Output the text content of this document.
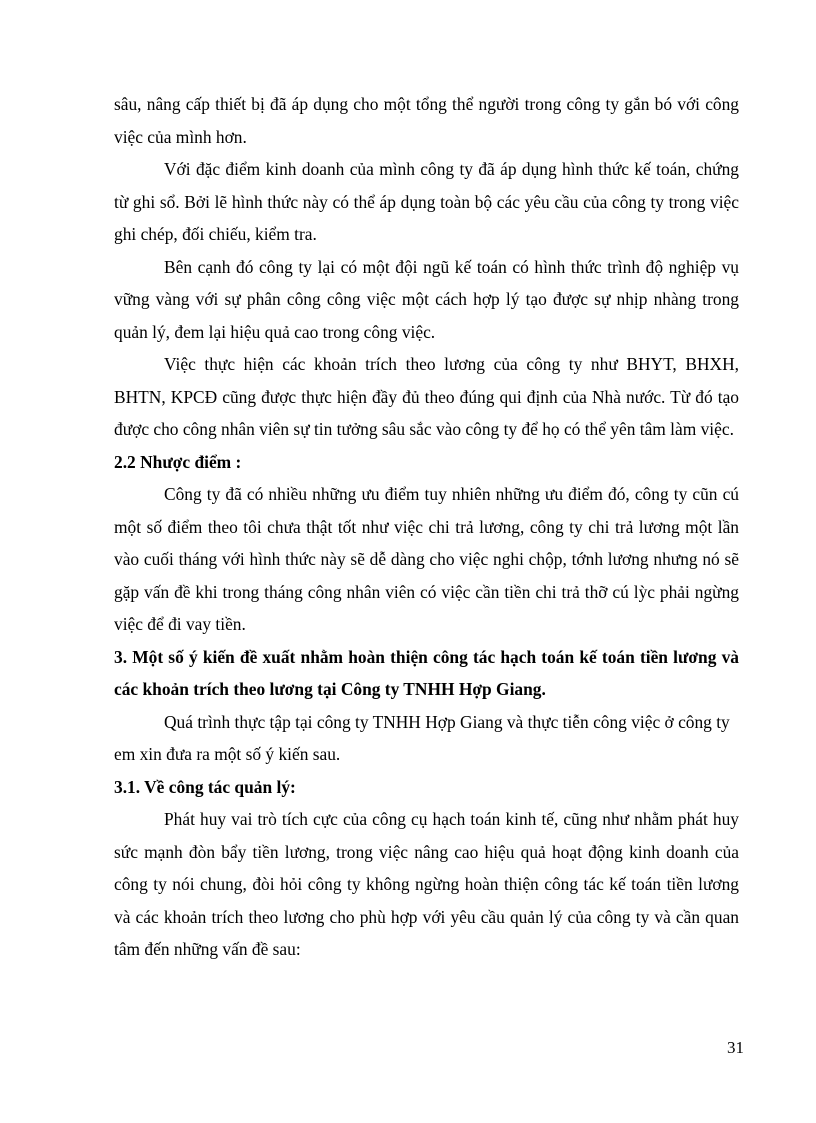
sâu, nâng cấp thiết bị đã áp dụng cho một tổng thể người trong công ty gắn bó với công việc của mình hơn.

Với đặc điểm kinh doanh của mình công ty đã áp dụng hình thức kế toán, chứng từ ghi sổ. Bởi lẽ hình thức này có thể áp dụng toàn bộ các yêu cầu của công ty trong việc ghi chép, đối chiếu, kiểm tra.

Bên cạnh đó công ty lại có một đội ngũ kế toán có hình thức trình độ nghiệp vụ vững vàng với sự phân công công việc một cách hợp lý tạo được sự nhịp nhàng trong quản lý, đem lại hiệu quả cao trong công việc.

Việc thực hiện các khoản trích theo lương của công ty như BHYT, BHXH, BHTN, KPCĐ cũng được thực hiện đầy đủ theo đúng qui định của Nhà nước. Từ đó tạo được cho công nhân viên sự tin tưởng sâu sắc vào công ty để họ có thể yên tâm làm việc.

2.2 Nhược điểm :

Công ty đã có nhiều những ưu điểm tuy nhiên những ưu điểm đó, công ty cũn cú một số điểm theo tôi chưa thật tốt như việc chi trả lương, công ty chi trả lương một lần vào cuối tháng với hình thức này sẽ dễ dàng cho việc nghi chộp, tớnh lương nhưng nó sẽ gặp vấn đề khi trong tháng công nhân viên có việc cần tiền chi trả thỡ cú lỳc phải ngừng việc để đi vay tiền.

3. Một số ý kiến đề xuất nhằm hoàn thiện công tác hạch toán kế toán tiền lương và các khoản trích theo lương tại Công ty TNHH Hợp Giang.

Quá trình thực tập tại công ty TNHH Hợp Giang và thực tiễn công việc ở công ty em xin đưa ra một số ý kiến sau.

3.1. Về công tác quản lý:

Phát huy vai trò tích cực của công cụ hạch toán kinh tế, cũng như nhằm phát huy sức mạnh đòn bẩy tiền lương, trong việc nâng cao hiệu quả hoạt động kinh doanh của công ty nói chung, đòi hỏi công ty không ngừng hoàn thiện công tác kế toán tiền lương và các khoản trích theo lương cho phù hợp với yêu cầu quản lý của công ty và cần quan tâm đến những vấn đề sau:

31
